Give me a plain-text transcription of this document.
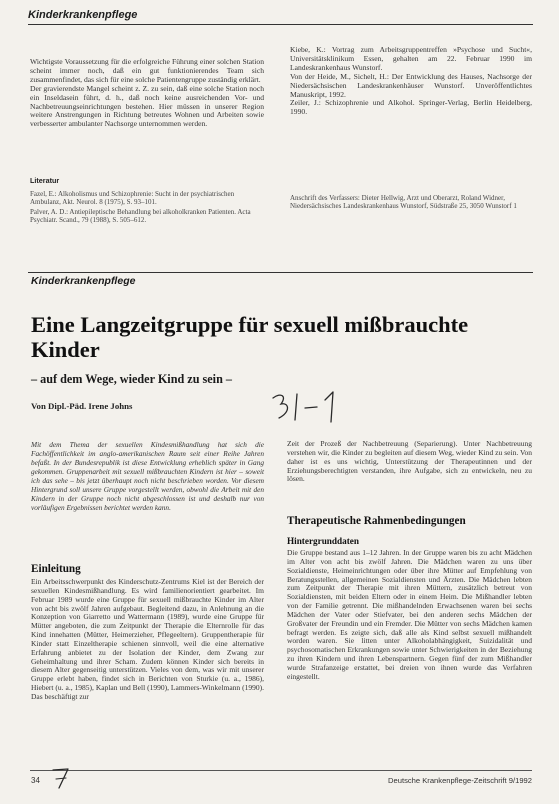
Kinderkrankenpflege

Wichtigste Voraussetzung für die erfolgreiche Führung einer solchen Station scheint immer noch, daß ein gut funktionierendes Team sich zusammenfindet, das sich für eine solche Patientengruppe zuständig erklärt.

Der gravierendste Mangel scheint z. Z. zu sein, daß eine solche Station noch ein Inseldasein führt, d. h., daß noch keine ausreichenden Vor- und Nachbetreuungseinrichtungen bestehen. Hier müssen in unserer Region weitere Anstrengungen in Richtung betreutes Wohnen und Arbeiten sowie verbesserter ambulanter Nachsorge unternommen werden.

Kiebe, K.: Vortrag zum Arbeitsgruppentreffen »Psychose und Sucht«, Universitätsklinikum Essen, gehalten am 22. Februar 1990 im Landeskrankenhaus Wunstorf.

Von der Heide, M., Sichelt, H.: Der Entwicklung des Hauses, Nachsorge der Niedersächsischen Landeskrankenhäuser Wunstorf. Unveröffentlichtes Manuskript, 1992.

Zeiler, J.: Schizophrenie und Alkohol. Springer-Verlag, Berlin Heidelberg, 1990.

Literatur

Fazel, E.: Alkoholismus und Schizophrenie: Sucht in der psychiatrischen Ambulanz, Akt. Neurol. 8 (1975), S. 93–101.

Palver, A. D.: Antiepileptische Behandlung bei alkoholkranken Patienten. Acta Psychiatr. Scand., 79 (1988), S. 505–612.

Anschrift des Verfassers: Dieter Hellwig, Arzt und Oberarzt, Roland Widner, Niedersächsisches Landeskrankenhaus Wunstorf, Südstraße 25, 3050 Wunstorf 1
Kinderkrankenpflege
Eine Langzeitgruppe für sexuell mißbrauchte Kinder
– auf dem Wege, wieder Kind zu sein –
Von Dipl.-Päd. Irene Johns
Mit dem Thema der sexuellen Kindesmißhandlung hat sich die Fachöffentlichkeit im anglo-amerikanischen Raum seit einer Reihe Jahren befaßt. In der Bundesrepublik ist diese Entwicklung erheblich später in Gang gekommen. Gruppenarbeit mit sexuell mißbrauchten Kindern ist hier – soweit ich das sehe – bis jetzt überhaupt noch nicht beschrieben worden. Vor diesem Hintergrund soll unsere Gruppe vorgestellt werden, obwohl die Arbeit mit den Kindern in der Gruppe noch nicht abgeschlossen ist und deshalb nur von vorläufigen Ergebnissen berichtet werden kann.
Zeit der Prozeß der Nachbetreuung (Separierung). Unter Nachbetreuung verstehen wir, die Kinder zu begleiten auf diesem Weg, wieder Kind zu sein. Von daher ist es uns wichtig, Unterstützung der Therapeutinnen und der Erziehungsberechtigten verstanden, ihre Aufgabe, sich zu entwickeln, neu zu lösen.
Therapeutische Rahmenbedingungen
Hintergrunddaten
Die Gruppe bestand aus 1–12 Jahren. In der Gruppe waren bis zu acht Mädchen im Alter von acht bis zwölf Jahren. Die Mädchen waren zu uns über Sozialdienste, Heimeinrichtungen oder über ihre Mütter auf Empfehlung von Beratungsstellen, allgemeinen Sozialdiensten und Ärzten. Die Mädchen lebten zum Zeitpunkt der Therapie mit ihren Müttern, zusätzlich betreut von Sozialdiensten, mit beiden Eltern oder in einem Heim. Die Mißhandler lebten von der Familie getrennt. Die mißhandelnden Erwachsenen waren bei sechs Mädchen der Vater oder Stiefvater, bei den anderen sechs Mädchen der Großvater der Freundin und ein Fremder. Die Mütter von sechs Mädchen kamen befragt werden. Es zeigte sich, daß alle als Kind selbst sexuell mißhandelt worden waren. Sie litten unter Alkoholabhängigkeit, Suizidalität und psychosomatischen Erkrankungen sowie unter Schwierigkeiten in der Beziehung zu ihren Kindern und ihren Lebenspartnern. Gegen fünf der zum Mißhandler wurde Strafanzeige erstattet, bei dreien von ihnen wurde das Verfahren eingestellt.
Einleitung
Ein Arbeitsschwerpunkt des Kinderschutz-Zentrums Kiel ist der Bereich der sexuellen Kindesmißhandlung. Es wird familienorientiert gearbeitet. Im Februar 1989 wurde eine Gruppe für sexuell mißbrauchte Kinder im Alter von acht bis zwölf Jahren aufgebaut. Begleitend dazu, in Anlehnung an die Konzeption von Giarretto und Wattermann (1989), wurde eine Gruppe für Mütter angeboten, die zum Zeitpunkt der Therapie die Elternrolle für das Kind innehatten (Mütter, Heimerzieher, Pflegeeltern). Gruppentherapie für Kinder statt Einzeltherapie schienen sinnvoll, weil die eine alternative Erfahrung anbietet zu der Isolation der Kinder, dem Zwang zur Geheimhaltung und ihrer Scham. Zudem können Kinder sich bereits in diesem Alter gegenseitig unterstützen. Vieles von dem, was wir mit unserer Gruppe erlebt haben, findet sich in Berichten von Sturkie (u. a., 1986), Hiebert (u. a., 1985), Kaplan und Bell (1990), Lammers-Winkelmann (1990). Das beschäftigt zur
34	Deutsche Krankenpflege-Zeitschrift 9/1992
